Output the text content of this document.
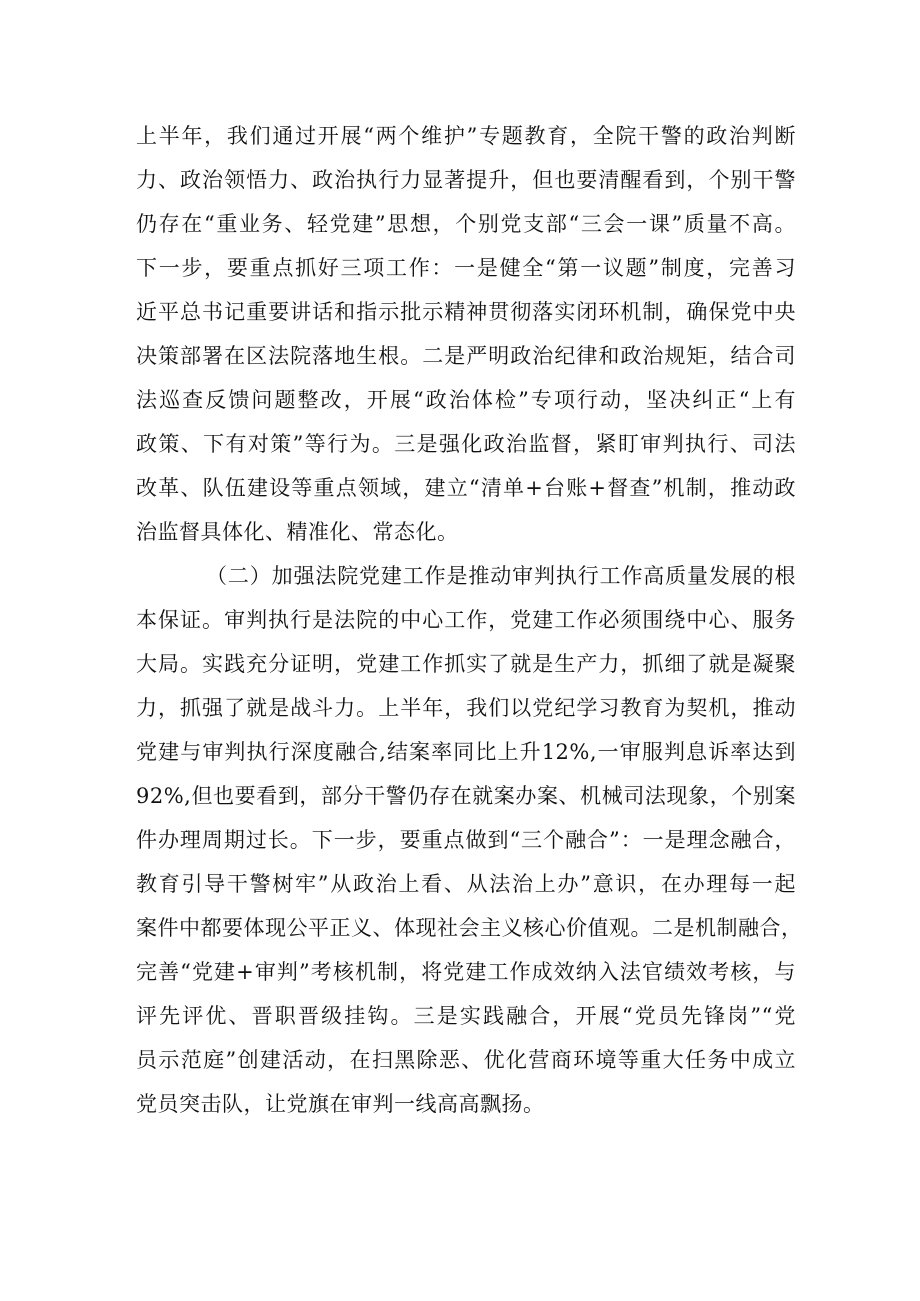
上半年，我们通过开展“两个维护”专题教育，全院干警的政治判断
力、政治领悟力、政治执行力显著提升，但也要清醒看到，个别干警
仍存在“重业务、轻党建”思想，个别党支部“三会一课”质量不高。
下一步，要重点抓好三项工作：一是健全“第一议题”制度，完善习
近平总书记重要讲话和指示批示精神贯彻落实闭环机制，确保党中央
决策部署在区法院落地生根。二是严明政治纪律和政治规矩，结合司
法巡查反馈问题整改，开展“政治体检”专项行动，坚决纠正“上有
政策、下有对策”等行为。三是强化政治监督，紧盯审判执行、司法
改革、队伍建设等重点领域，建立“清单+台账+督查”机制，推动政
治监督具体化、精准化、常态化。
（二）加强法院党建工作是推动审判执行工作高质量发展的根
本保证。审判执行是法院的中心工作，党建工作必须围绕中心、服务
大局。实践充分证明，党建工作抓实了就是生产力，抓细了就是凝聚
力，抓强了就是战斗力。上半年，我们以党纪学习教育为契机，推动
党建与审判执行深度融合,结案率同比上升12%,一审服判息诉率达到
92%,但也要看到，部分干警仍存在就案办案、机械司法现象，个别案
件办理周期过长。下一步，要重点做到“三个融合”：一是理念融合，
教育引导干警树牢”从政治上看、从法治上办”意识，在办理每一起
案件中都要体现公平正义、体现社会主义核心价值观。二是机制融合，
完善“党建+审判”考核机制，将党建工作成效纳入法官绩效考核，与
评先评优、晋职晋级挂钩。三是实践融合，开展“党员先锋岗”“党
员示范庭”创建活动，在扫黑除恶、优化营商环境等重大任务中成立
党员突击队，让党旗在审判一线高高飘扬。
